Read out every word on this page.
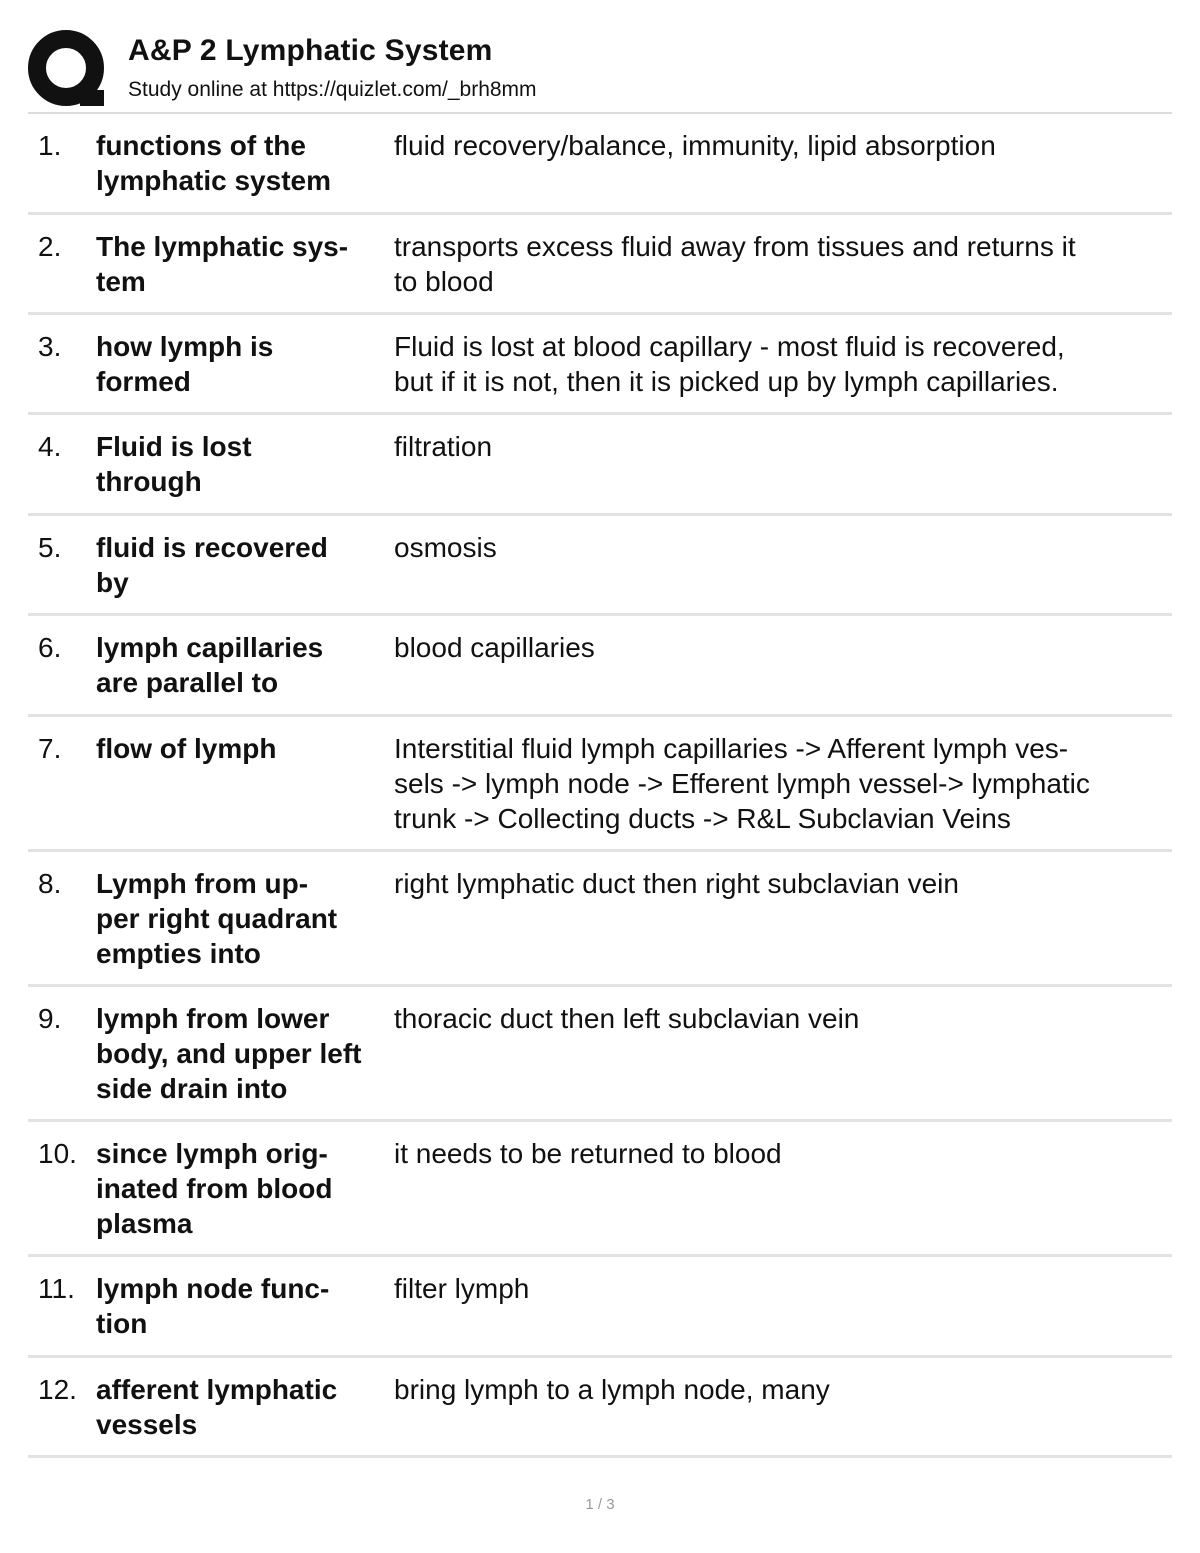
A&P 2 Lymphatic System
Study online at https://quizlet.com/_brh8mm
1. functions of the
lymphatic system
fluid recovery/balance, immunity, lipid absorption
2. The lymphatic sys-
tem
transports excess fluid away from tissues and returns it
to blood
3. how lymph is
formed
Fluid is lost at blood capillary - most fluid is recovered,
but if it is not, then it is picked up by lymph capillaries.
4. Fluid is lost
through
filtration
5. fluid is recovered
by
osmosis
6. lymph capillaries
are parallel to
blood capillaries
7. flow of lymph	Interstitial fluid lymph capillaries -> Afferent lymph ves-
sels -> lymph node -> Efferent lymph vessel-> lymphatic
trunk -> Collecting ducts -> R&L Subclavian Veins
8. Lymph from up-
per right quadrant
empties into
right lymphatic duct then right subclavian vein
9. lymph from lower
body, and upper left
side drain into
thoracic duct then left subclavian vein
10. since lymph orig-
inated from blood
plasma
it needs to be returned to blood
11. lymph node func-
tion
filter lymph
12. afferent lymphatic
vessels
bring lymph to a lymph node, many
1 / 3
